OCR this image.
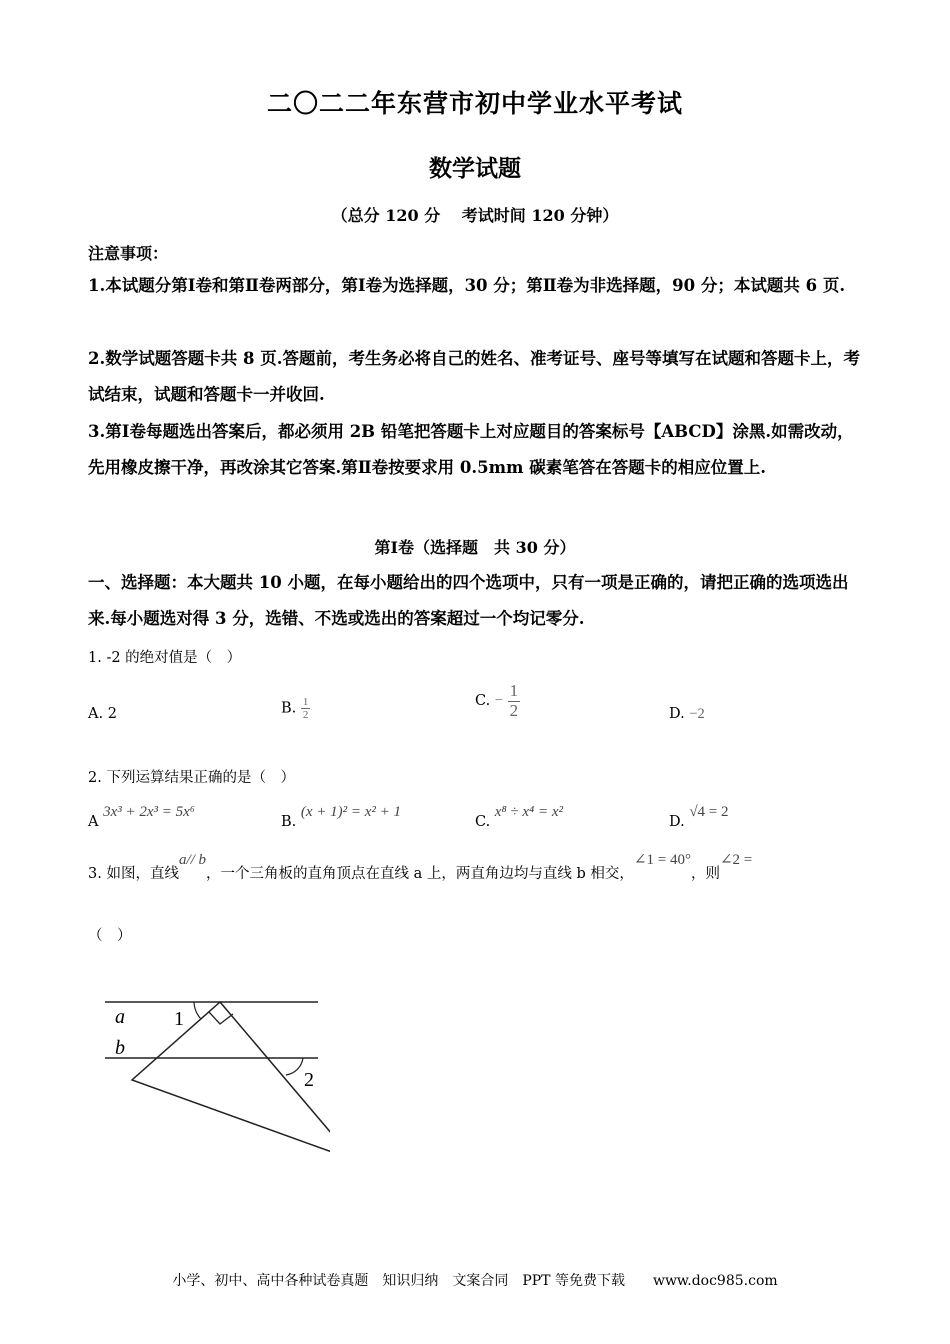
二〇二二年东营市初中学业水平考试
数学试题
（总分 120 分　 考试时间 120 分钟）
注意事项：
1.本试题分第Ⅰ卷和第Ⅱ卷两部分，第Ⅰ卷为选择题，30 分；第Ⅱ卷为非选择题，90 分；本试题共 6 页.
2.数学试题答题卡共 8 页.答题前，考生务必将自己的姓名、准考证号、座号等填写在试题和答题卡上，考试结束，试题和答题卡一并收回.
3.第Ⅰ卷每题选出答案后，都必须用 2B 铅笔把答题卡上对应题目的答案标号【ABCD】涂黑.如需改动，先用橡皮擦干净，再改涂其它答案.第Ⅱ卷按要求用 0.5mm 碳素笔答在答题卡的相应位置上.
第Ⅰ卷（选择题　共 30 分）
一、选择题：本大题共 10 小题，在每小题给出的四个选项中，只有一项是正确的，请把正确的选项选出来.每小题选对得 3 分，选错、不选或选出的答案超过一个均记零分.
1. -2 的绝对值是（　）
A. 2	B. $\frac{1}{2}$	C. − $\frac{1}{2}$	D. −2
2. 下列运算结果正确的是（　）
A 3x³ + 2x³ = 5x⁶
B. (x + 1)² = x² + 1
C. x⁸ ÷ x⁴ = x²
D. √4 = 2
3. 如图，直线a// b，一个三角板的直角顶点在直线 a 上，两直角边均与直线 b 相交，∠1 = 40°，则∠2 =
（　）
a
b
1
2
小学、初中、高中各种试卷真题　知识归纳　文案合同　PPT 等免费下载　　www.doc985.com
